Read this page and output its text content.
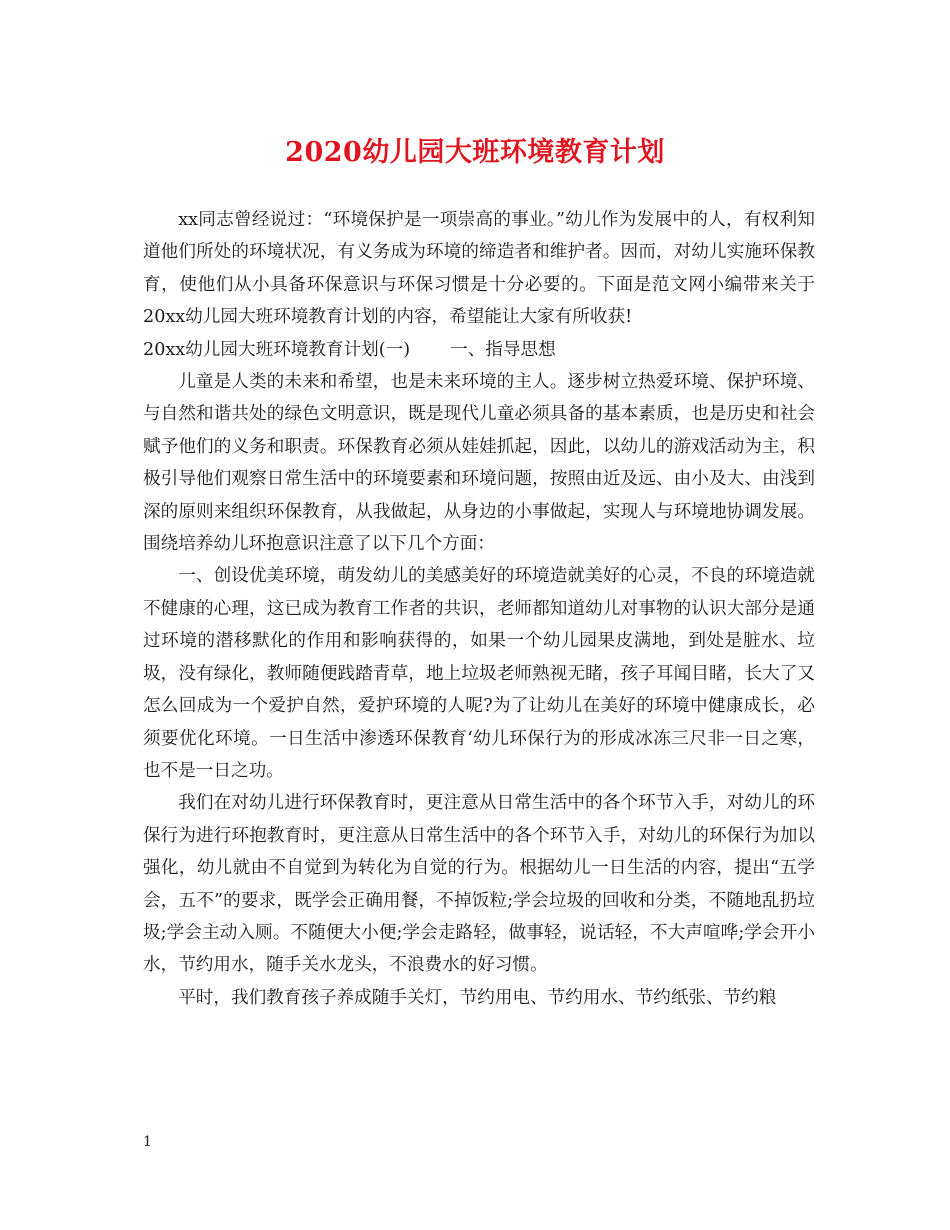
2020幼儿园大班环境教育计划

xx同志曾经说过：“环境保护是一项崇高的事业。”幼儿作为发展中的人，有权利知道他们所处的环境状况，有义务成为环境的缔造者和维护者。因而，对幼儿实施环保教育，使他们从小具备环保意识与环保习惯是十分必要的。下面是范文网小编带来关于20xx幼儿园大班环境教育计划的内容，希望能让大家有所收获!

20xx幼儿园大班环境教育计划(一) 一、指导思想

儿童是人类的未来和希望，也是未来环境的主人。逐步树立热爱环境、保护环境、与自然和谐共处的绿色文明意识，既是现代儿童必须具备的基本素质，也是历史和社会赋予他们的义务和职责。环保教育必须从娃娃抓起，因此，以幼儿的游戏活动为主，积极引导他们观察日常生活中的环境要素和环境问题，按照由近及远、由小及大、由浅到深的原则来组织环保教育，从我做起，从身边的小事做起，实现人与环境地协调发展。围绕培养幼儿环抱意识注意了以下几个方面：

一、创设优美环境，萌发幼儿的美感美好的环境造就美好的心灵，不良的环境造就不健康的心理，这已成为教育工作者的共识，老师都知道幼儿对事物的认识大部分是通过环境的潜移默化的作用和影响获得的，如果一个幼儿园果皮满地，到处是脏水、垃圾，没有绿化，教师随便践踏青草，地上垃圾老师熟视无睹，孩子耳闻目睹，长大了又怎么回成为一个爱护自然，爱护环境的人呢?为了让幼儿在美好的环境中健康成长，必须要优化环境。一日生活中渗透环保教育‘幼儿环保行为的形成冰冻三尺非一日之寒，也不是一日之功。

我们在对幼儿进行环保教育时，更注意从日常生活中的各个环节入手，对幼儿的环保行为进行环抱教育时，更注意从日常生活中的各个环节入手，对幼儿的环保行为加以强化，幼儿就由不自觉到为转化为自觉的行为。根据幼儿一日生活的内容，提出“五学会，五不”的要求，既学会正确用餐，不掉饭粒;学会垃圾的回收和分类，不随地乱扔垃圾;学会主动入厕。不随便大小便;学会走路轻，做事轻，说话轻，不大声喧哗;学会开小水，节约用水，随手关水龙头，不浪费水的好习惯。

平时，我们教育孩子养成随手关灯，节约用电、节约用水、节约纸张、节约粮

1
